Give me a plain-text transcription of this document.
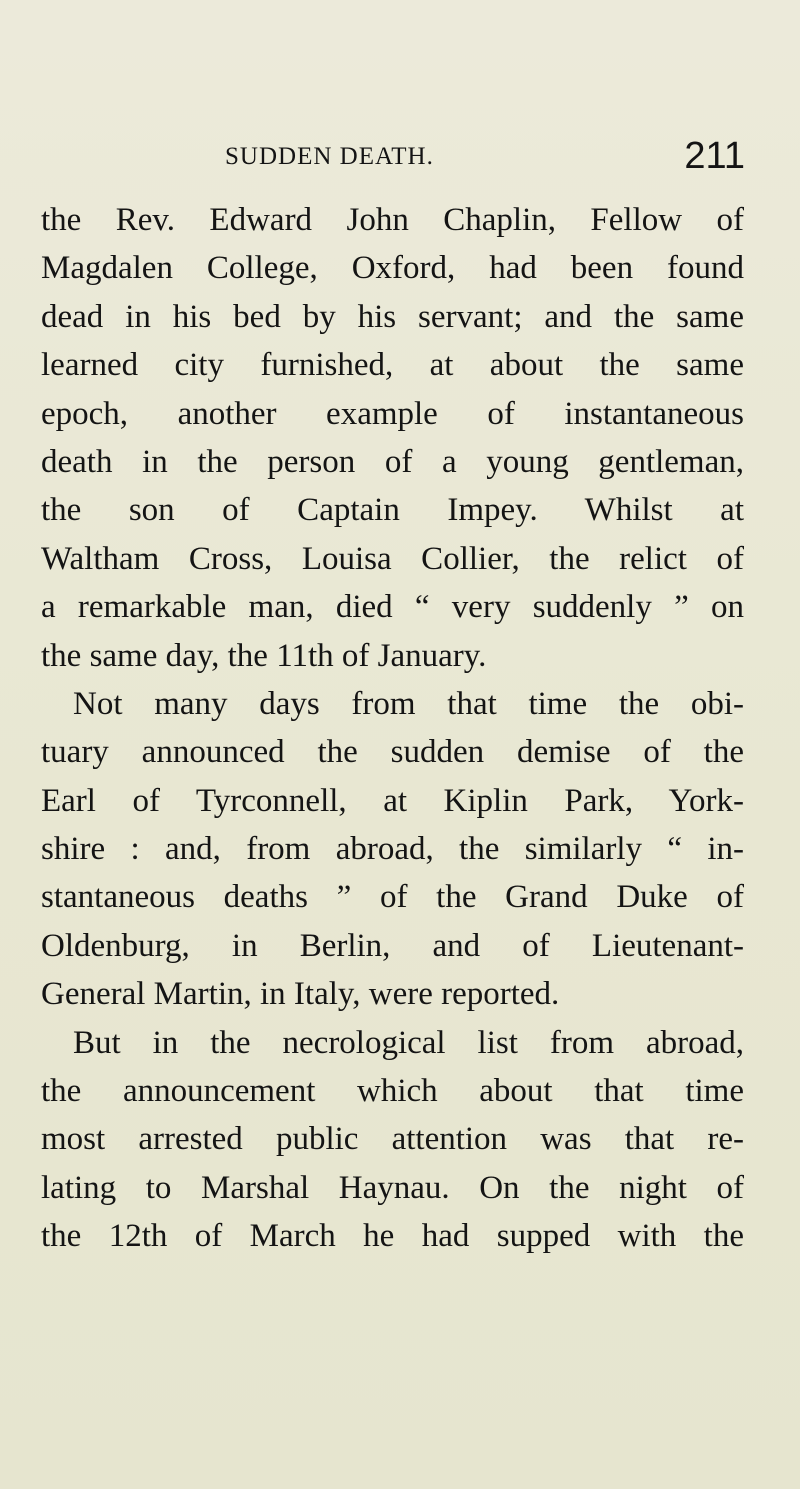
SUDDEN DEATH.	211
the Rev. Edward John Chaplin, Fellow of
Magdalen College, Oxford, had been found
dead in his bed by his servant; and the same
learned city furnished, at about the same
epoch, another example of instantaneous
death in the person of a young gentleman,
the son of Captain Impey. Whilst at
Waltham Cross, Louisa Collier, the relict of
a remarkable man, died “ very suddenly ” on
the same day, the 11th of January.
Not many days from that time the obi-
tuary announced the sudden demise of the
Earl of Tyrconnell, at Kiplin Park, York-
shire : and, from abroad, the similarly “ in-
stantaneous deaths ” of the Grand Duke of
Oldenburg, in Berlin, and of Lieutenant-
General Martin, in Italy, were reported.
But in the necrological list from abroad,
the announcement which about that time
most arrested public attention was that re-
lating to Marshal Haynau. On the night of
the 12th of March he had supped with the
